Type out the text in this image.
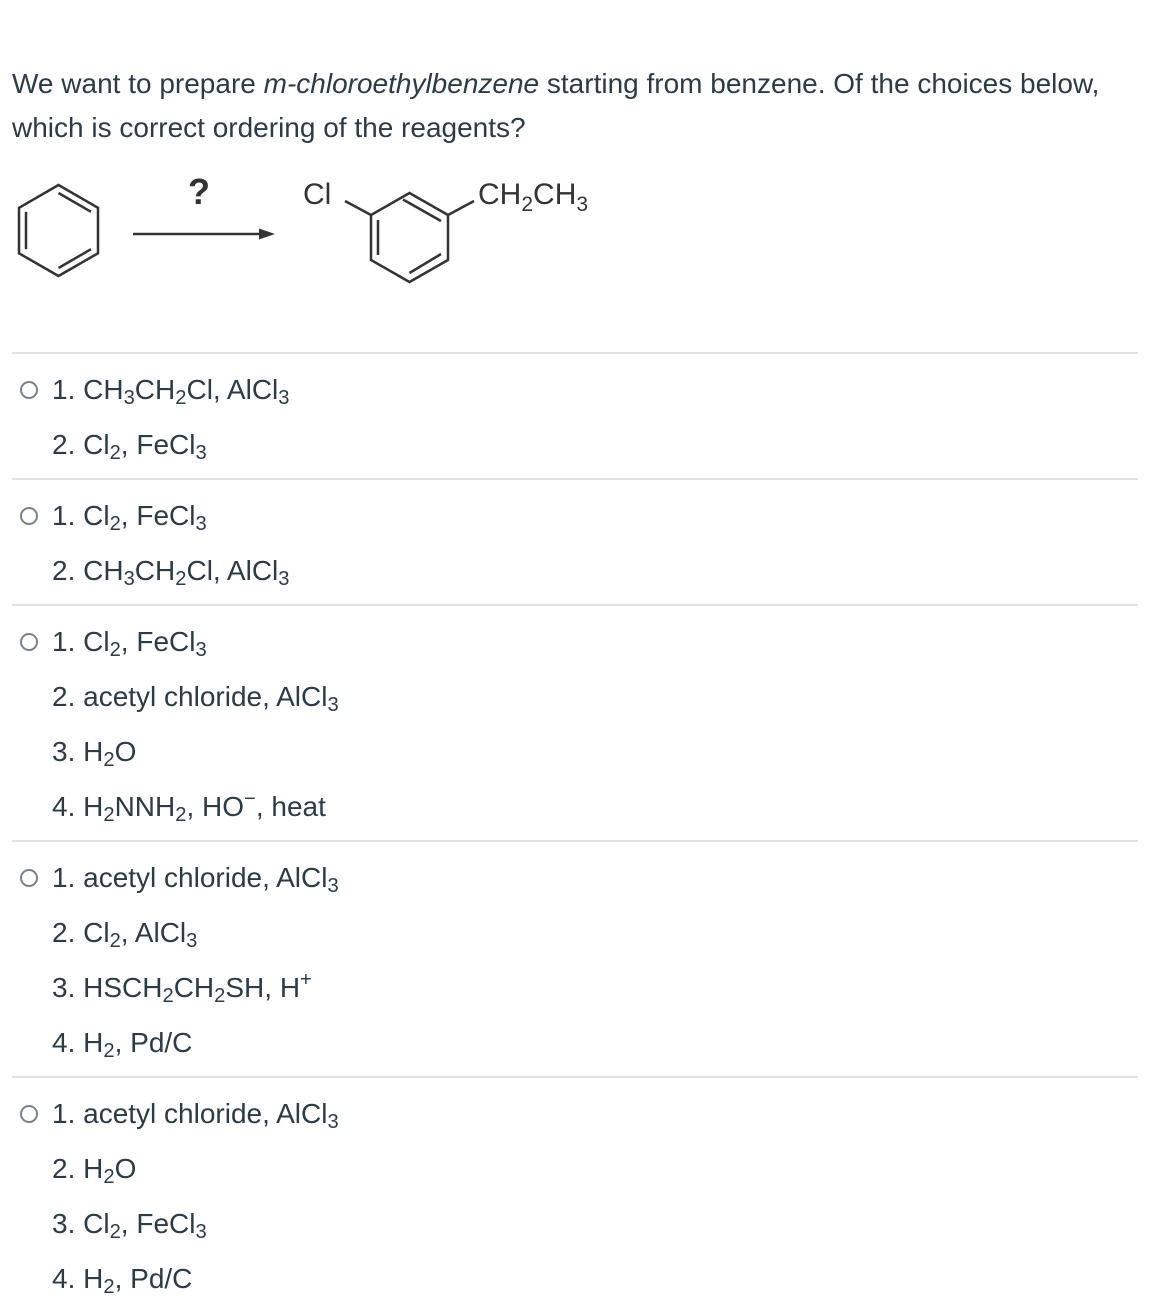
We want to prepare m-chloroethylbenzene starting from benzene. Of the choices below, which is correct ordering of the reagents?
?	Cl	$CH_2CH_3$
1. $CH_3CH_2Cl$, AlCl$_3$
2. $Cl_2$, FeCl$_3$
1. $Cl_2$, FeCl$_3$
2. $CH_3CH_2Cl$, AlCl$_3$
1. $Cl_2$, FeCl$_3$
2. acetyl chloride, AlCl$_3$
3. $H_2O$
4. $H_2NNH_2$, HO−, heat
1. acetyl chloride, AlCl$_3$
2. $Cl_2$, AlCl$_3$
3. $HSCH_2CH_2SH$, H+
4. $H_2$, Pd/C
1. acetyl chloride, AlCl$_3$
2. $H_2O$
3. $Cl_2$, FeCl$_3$
4. $H_2$, Pd/C
